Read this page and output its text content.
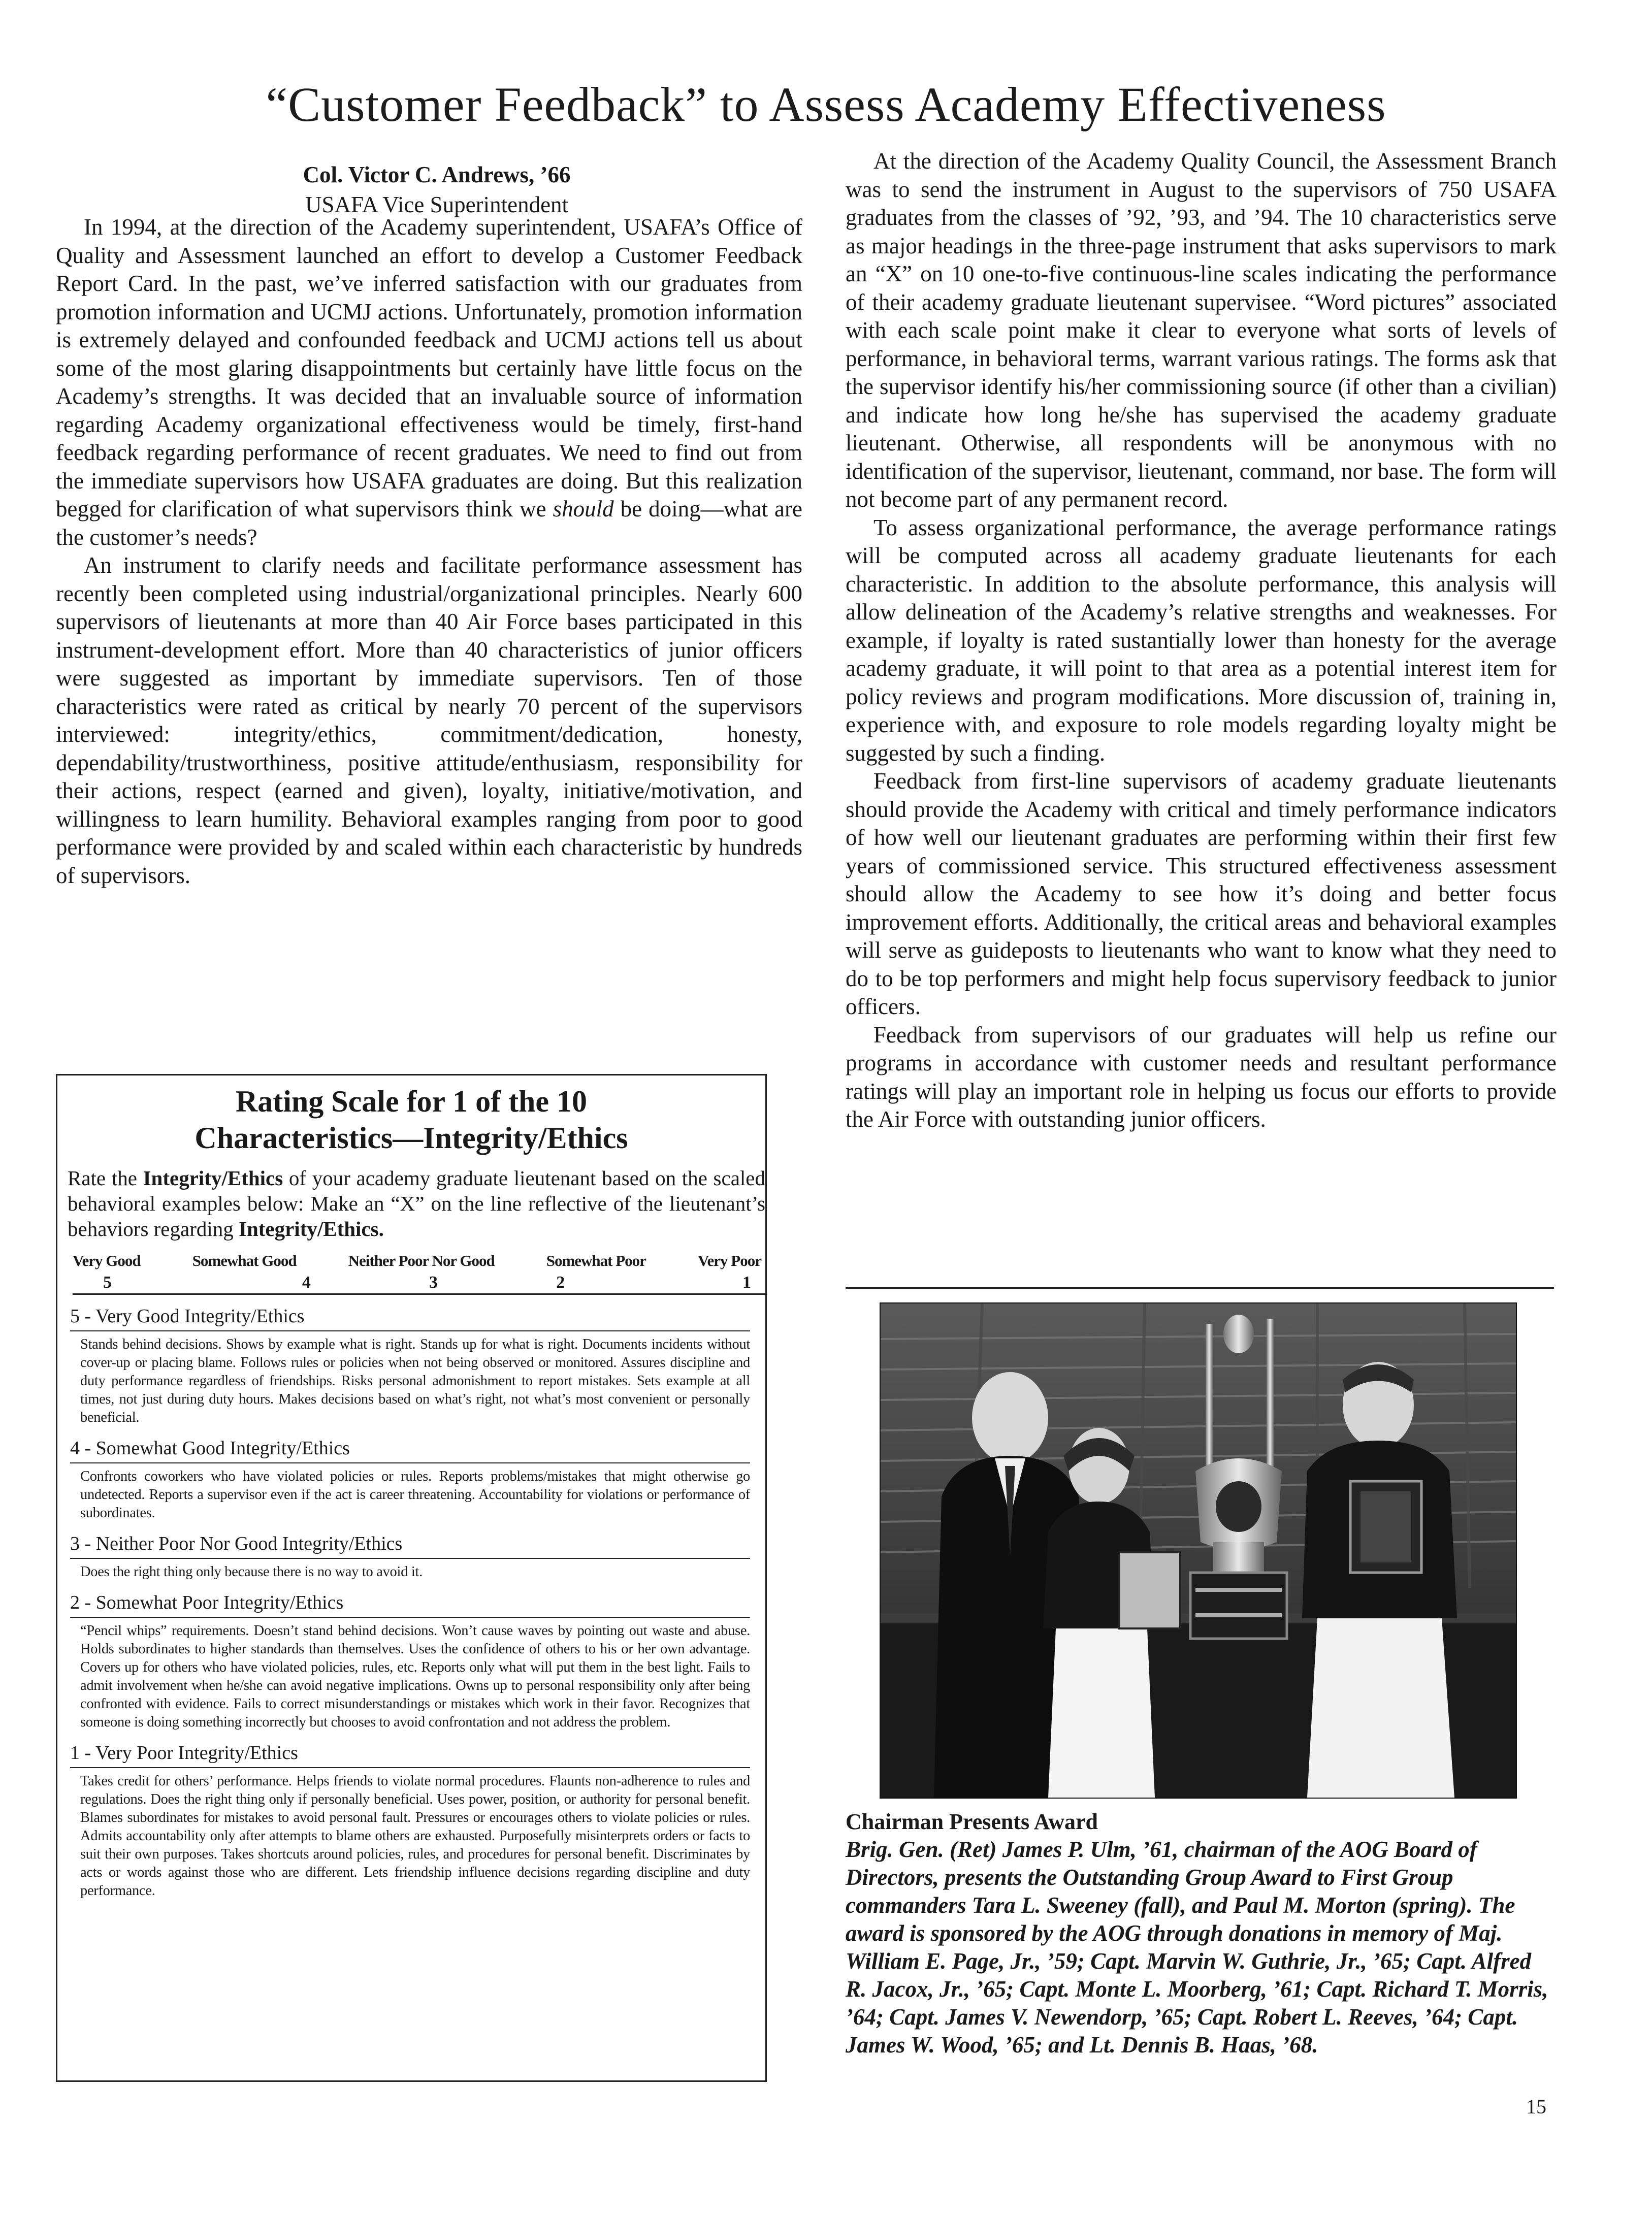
“Customer Feedback” to Assess Academy Effectiveness
Col. Victor C. Andrews, ’66
USAFA Vice Superintendent

In 1994, at the direction of the Academy superintendent, USAFA’s Office of Quality and Assessment launched an effort to develop a Customer Feedback Report Card. In the past, we’ve inferred satisfaction with our graduates from promotion information and UCMJ actions. Unfortunately, promotion information is extremely delayed and confounded feedback and UCMJ actions tell us about some of the most glaring disappointments but certainly have little focus on the Academy’s strengths. It was decided that an invaluable source of information regarding Academy organizational effectiveness would be timely, first-hand feedback regarding performance of recent graduates. We need to find out from the immediate supervisors how USAFA graduates are doing. But this realization begged for clarification of what supervisors think we should be doing—what are the customer’s needs?

An instrument to clarify needs and facilitate performance assessment has recently been completed using industrial/organizational principles. Nearly 600 supervisors of lieutenants at more than 40 Air Force bases participated in this instrument-development effort. More than 40 characteristics of junior officers were suggested as important by immediate supervisors. Ten of those characteristics were rated as critical by nearly 70 percent of the supervisors interviewed: integrity/ethics, commitment/dedication, honesty, dependability/trustworthiness, positive attitude/enthusiasm, responsibility for their actions, respect (earned and given), loyalty, initiative/motivation, and willingness to learn humility. Behavioral examples ranging from poor to good performance were provided by and scaled within each characteristic by hundreds of supervisors.

Rating Scale for 1 of the 10
Characteristics—Integrity/Ethics

Rate the Integrity/Ethics of your academy graduate lieutenant based on the scaled behavioral examples below: Make an “X” on the line reflective of the lieutenant’s behaviors regarding Integrity/Ethics.

Very Good	Somewhat Good	Neither Poor Nor Good	Somewhat Poor	Very Poor
5	4	3	2	1
5 - Very Good Integrity/Ethics
Stands behind decisions. Shows by example what is right. Stands up for what is right. Documents incidents without cover-up or placing blame. Follows rules or policies when not being observed or monitored. Assures discipline and duty performance regardless of friendships. Risks personal admonishment to report mistakes. Sets example at all times, not just during duty hours. Makes decisions based on what’s right, not what’s most convenient or personally beneficial.
4 - Somewhat Good Integrity/Ethics
Confronts coworkers who have violated policies or rules. Reports problems/mistakes that might otherwise go undetected. Reports a supervisor even if the act is career threatening. Accountability for violations or performance of subordinates.
3 - Neither Poor Nor Good Integrity/Ethics
Does the right thing only because there is no way to avoid it.
2 - Somewhat Poor Integrity/Ethics
“Pencil whips” requirements. Doesn’t stand behind decisions. Won’t cause waves by pointing out waste and abuse. Holds subordinates to higher standards than themselves. Uses the confidence of others to his or her own advantage. Covers up for others who have violated policies, rules, etc. Reports only what will put them in the best light. Fails to admit involvement when he/she can avoid negative implications. Owns up to personal responsibility only after being confronted with evidence. Fails to correct misunderstandings or mistakes which work in their favor. Recognizes that someone is doing something incorrectly but chooses to avoid confrontation and not address the problem.
1 - Very Poor Integrity/Ethics
Takes credit for others’ performance. Helps friends to violate normal procedures. Flaunts non-adherence to rules and regulations. Does the right thing only if personally beneficial. Uses power, position, or authority for personal benefit. Blames subordinates for mistakes to avoid personal fault. Pressures or encourages others to violate policies or rules. Admits accountability only after attempts to blame others are exhausted. Purposefully misinterprets orders or facts to suit their own purposes. Takes shortcuts around policies, rules, and procedures for personal benefit. Discriminates by acts or words against those who are different. Lets friendship influence decisions regarding discipline and duty performance.

At the direction of the Academy Quality Council, the Assessment Branch was to send the instrument in August to the supervisors of 750 USAFA graduates from the classes of ’92, ’93, and ’94. The 10 characteristics serve as major headings in the three-page instrument that asks supervisors to mark an “X” on 10 one-to-five continuous-line scales indicating the performance of their academy graduate lieutenant supervisee. “Word pictures” associated with each scale point make it clear to everyone what sorts of levels of performance, in behavioral terms, warrant various ratings. The forms ask that the supervisor identify his/her commissioning source (if other than a civilian) and indicate how long he/she has supervised the academy graduate lieutenant. Otherwise, all respondents will be anonymous with no identification of the supervisor, lieutenant, command, nor base. The form will not become part of any permanent record.

To assess organizational performance, the average performance ratings will be computed across all academy graduate lieutenants for each characteristic. In addition to the absolute performance, this analysis will allow delineation of the Academy’s relative strengths and weaknesses. For example, if loyalty is rated sustantially lower than honesty for the average academy graduate, it will point to that area as a potential interest item for policy reviews and program modifications. More discussion of, training in, experience with, and exposure to role models regarding loyalty might be suggested by such a finding.

Feedback from first-line supervisors of academy graduate lieutenants should provide the Academy with critical and timely performance indicators of how well our lieutenant graduates are performing within their first few years of commissioned service. This structured effectiveness assessment should allow the Academy to see how it’s doing and better focus improvement efforts. Additionally, the critical areas and behavioral examples will serve as guideposts to lieutenants who want to know what they need to do to be top performers and might help focus supervisory feedback to junior officers.

Feedback from supervisors of our graduates will help us refine our programs in accordance with customer needs and resultant performance ratings will play an important role in helping us focus our efforts to provide the Air Force with outstanding junior officers.

Chairman Presents Award
Brig. Gen. (Ret) James P. Ulm, ’61, chairman of the AOG Board of Directors, presents the Outstanding Group Award to First Group commanders Tara L. Sweeney (fall), and Paul M. Morton (spring). The award is sponsored by the AOG through donations in memory of Maj. William E. Page, Jr., ’59; Capt. Marvin W. Guthrie, Jr., ’65; Capt. Alfred R. Jacox, Jr., ’65; Capt. Monte L. Moorberg, ’61; Capt. Richard T. Morris, ’64; Capt. James V. Newendorp, ’65; Capt. Robert L. Reeves, ’64; Capt. James W. Wood, ’65; and Lt. Dennis B. Haas, ’68.
15
